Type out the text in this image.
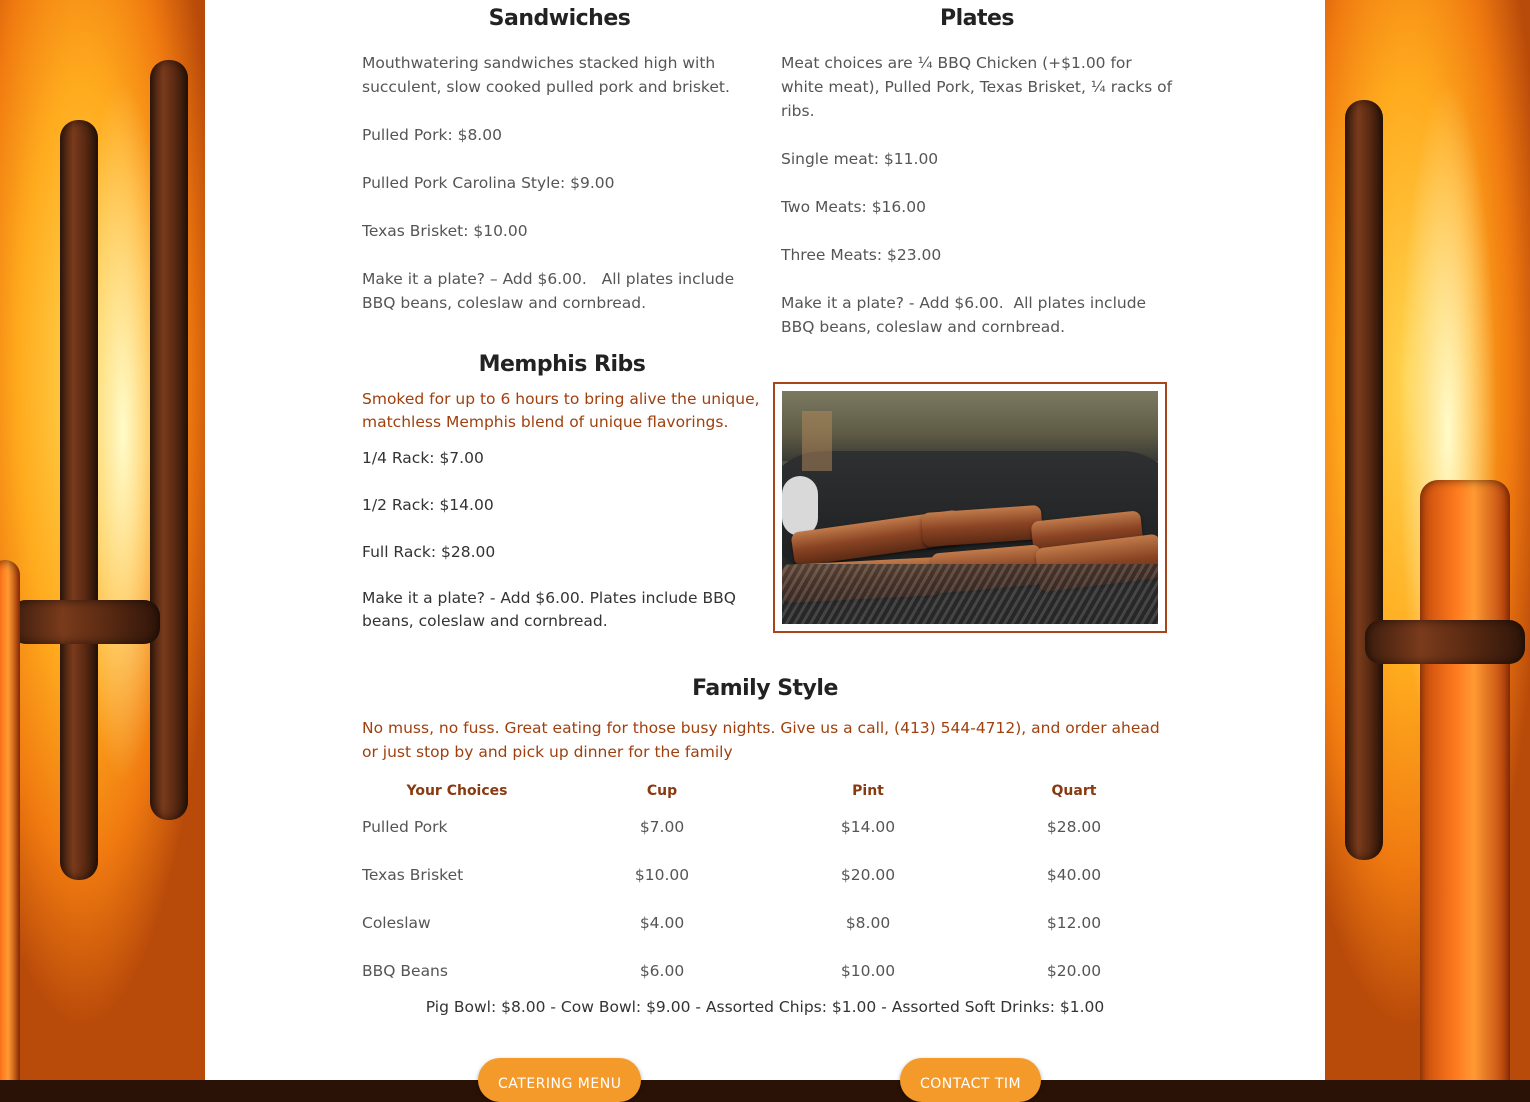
Sandwiches

Mouthwatering sandwiches stacked high with succulent, slow cooked pulled pork and brisket.

Pulled Pork: $8.00

Pulled Pork Carolina Style: $9.00

Texas Brisket: $10.00

Make it a plate? – Add $6.00.   All plates include BBQ beans, coleslaw and cornbread.

Plates

Meat choices are ¼ BBQ Chicken (+$1.00 for white meat), Pulled Pork, Texas Brisket, ¼ racks of ribs.

Single meat: $11.00

Two Meats: $16.00

Three Meats: $23.00

Make it a plate? - Add $6.00.  All plates include BBQ beans, coleslaw and cornbread.

Memphis Ribs

Smoked for up to 6 hours to bring alive the unique, matchless Memphis blend of unique flavorings.

1/4 Rack: $7.00

1/2 Rack: $14.00

Full Rack: $28.00

Make it a plate? - Add $6.00. Plates include BBQ beans, coleslaw and cornbread.

Family Style

No muss, no fuss. Great eating for those busy nights. Give us a call, (413) 544-4712), and order ahead or just stop by and pick up dinner for the family

Your Choices	Cup	Pint	Quart
Pulled Pork	$7.00	$14.00	$28.00
Texas Brisket	$10.00	$20.00	$40.00
Coleslaw	$4.00	$8.00	$12.00
BBQ Beans	$6.00	$10.00	$20.00

Pig Bowl: $8.00 - Cow Bowl: $9.00 - Assorted Chips: $1.00 - Assorted Soft Drinks: $1.00

CATERING MENU	CONTACT TIM
